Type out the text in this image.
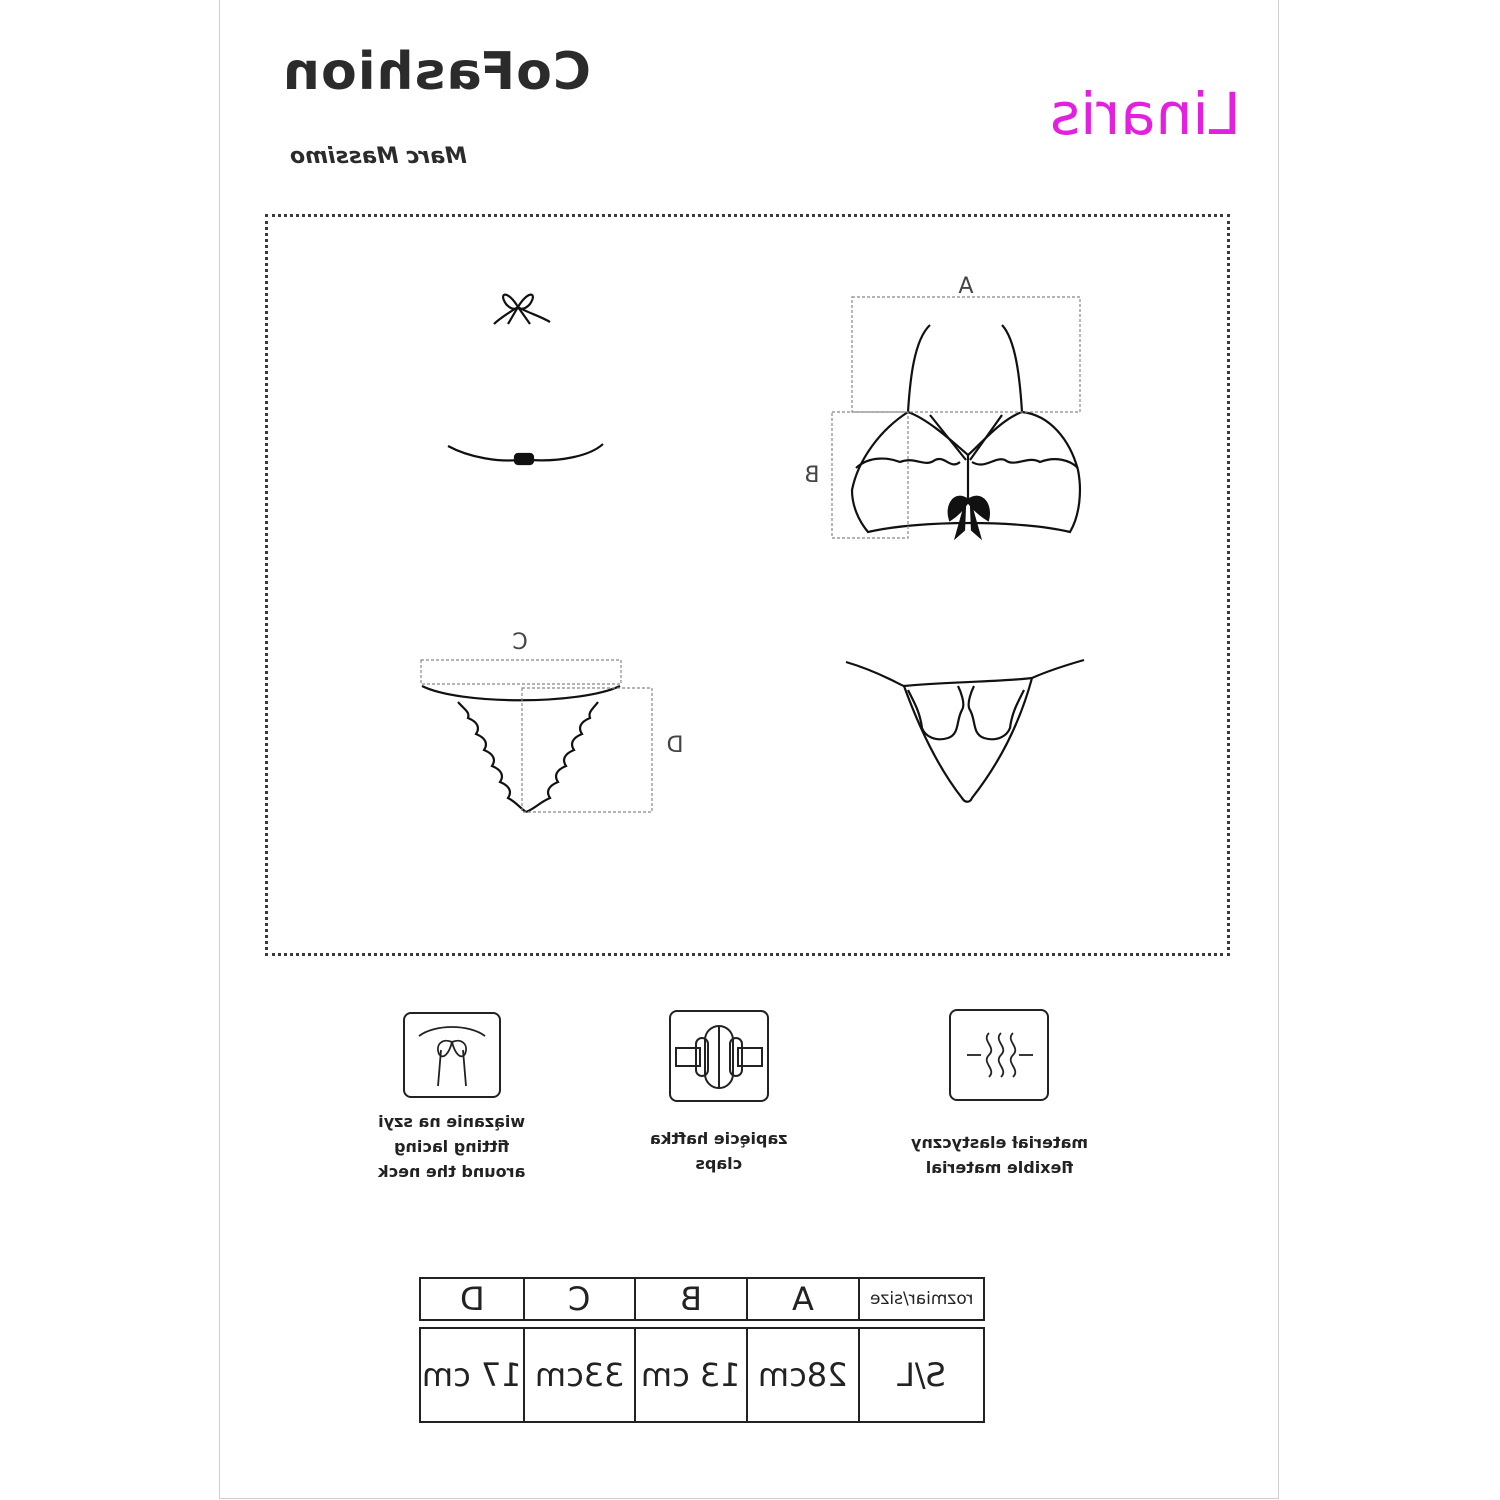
CoFashion
Marc Massimo
Linaris
A
B
C
D
wiązanie na szyi
fitting lacing
around the neck
zapięcie haftka
claps
materiał elastyczny
flexible material
D	C	B	A	rozmiar/size
17 cm 33cm 13 cm 28cm S/L
